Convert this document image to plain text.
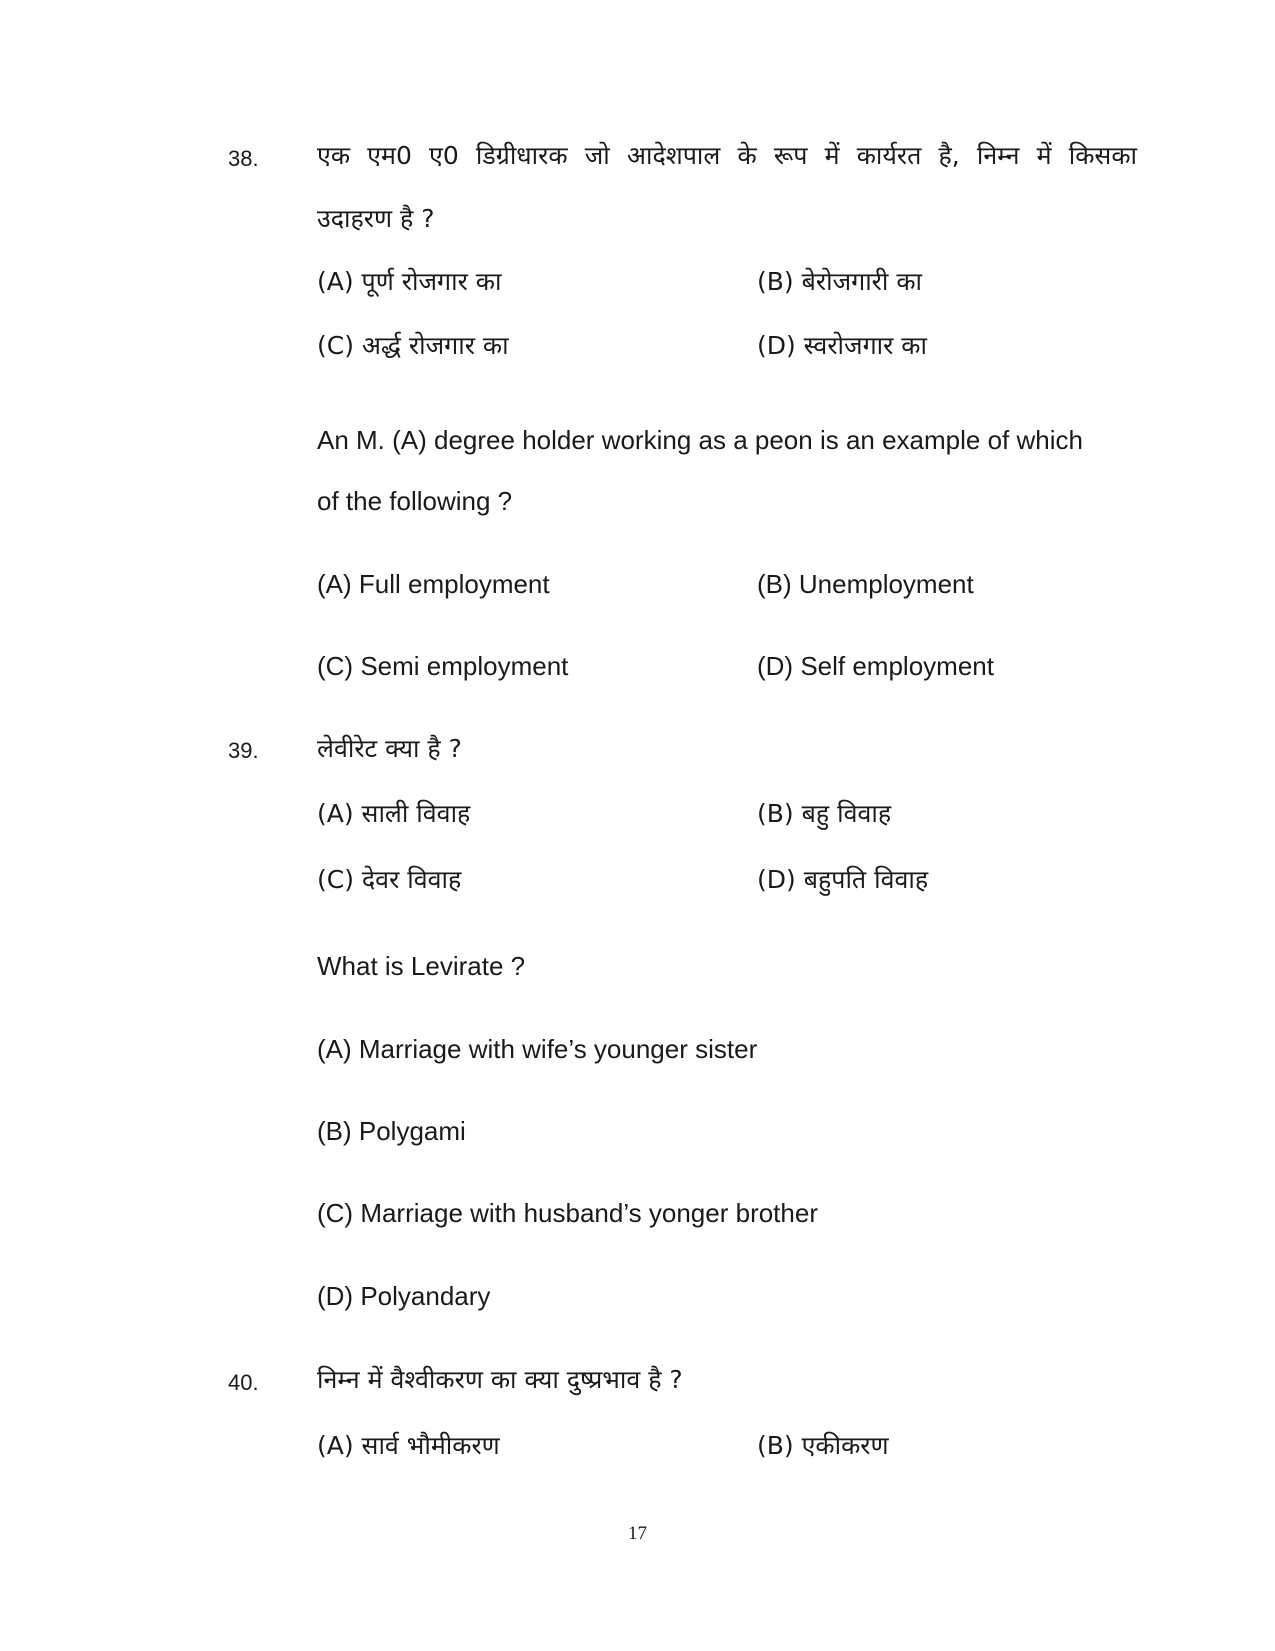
38. एक एम0 ए0 डिग्रीधारक जो आदेशपाल के रूप में कार्यरत है, निम्न में किसका
उदाहरण है ?
(A) पूर्ण रोजगार का	(B) बेरोजगारी का
(C) अर्द्ध रोजगार का	(D) स्वरोजगार का
An M. (A) degree holder working as a peon is an example of which
of the following ?
(A) Full employment	(B) Unemployment
(C) Semi employment	(D) Self employment
39. लेवीरेट क्या है ?
(A) साली विवाह	(B) बहु विवाह
(C) देवर विवाह	(D) बहुपति विवाह
What is Levirate ?
(A) Marriage with wife’s younger sister
(B) Polygami
(C) Marriage with husband’s yonger brother
(D) Polyandary
40. निम्न में वैश्वीकरण का क्या दुष्प्रभाव है ?
(A) सार्व भौमीकरण	(B) एकीकरण
17
